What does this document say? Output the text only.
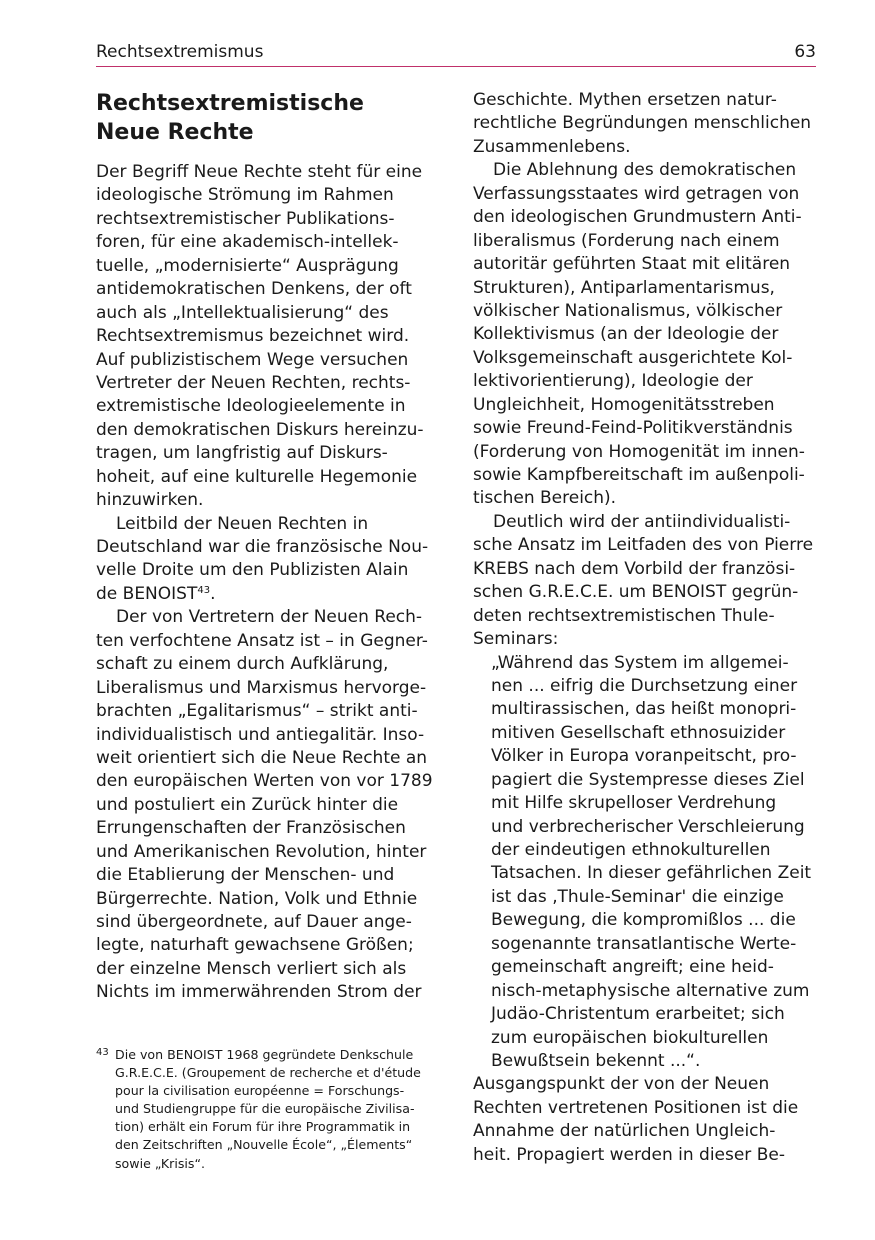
Rechtsextremismus	63
Rechtsextremistische
Neue Rechte
Der Begriff Neue Rechte steht für eine
ideologische Strömung im Rahmen
rechtsextremistischer Publikations-
foren, für eine akademisch-intellek-
tuelle, „modernisierte“ Ausprägung
antidemokratischen Denkens, der oft
auch als „Intellektualisierung“ des
Rechtsextremismus bezeichnet wird.
Auf publizistischem Wege versuchen
Vertreter der Neuen Rechten, rechts-
extremistische Ideologieelemente in
den demokratischen Diskurs hereinzu-
tragen, um langfristig auf Diskurs-
hoheit, auf eine kulturelle Hegemonie
hinzuwirken.
Leitbild der Neuen Rechten in
Deutschland war die französische Nou-
velle Droite um den Publizisten Alain
de BENOIST$^{43}$.
Der von Vertretern der Neuen Rech-
ten verfochtene Ansatz ist – in Gegner-
schaft zu einem durch Aufklärung,
Liberalismus und Marxismus hervorge-
brachten „Egalitarismus“ – strikt anti-
individualistisch und antiegalitär. Inso-
weit orientiert sich die Neue Rechte an
den europäischen Werten von vor 1789
und postuliert ein Zurück hinter die
Errungenschaften der Französischen
und Amerikanischen Revolution, hinter
die Etablierung der Menschen- und
Bürgerrechte. Nation, Volk und Ethnie
sind übergeordnete, auf Dauer ange-
legte, naturhaft gewachsene Größen;
der einzelne Mensch verliert sich als
Nichts im immerwährenden Strom der
Geschichte. Mythen ersetzen natur-
rechtliche Begründungen menschlichen
Zusammenlebens.
Die Ablehnung des demokratischen
Verfassungsstaates wird getragen von
den ideologischen Grundmustern Anti-
liberalismus (Forderung nach einem
autoritär geführten Staat mit elitären
Strukturen), Antiparlamentarismus,
völkischer Nationalismus, völkischer
Kollektivismus (an der Ideologie der
Volksgemeinschaft ausgerichtete Kol-
lektivorientierung), Ideologie der
Ungleichheit, Homogenitätsstreben
sowie Freund-Feind-Politikverständnis
(Forderung von Homogenität im innen-
sowie Kampfbereitschaft im außenpoli-
tischen Bereich).
Deutlich wird der antiindividualisti-
sche Ansatz im Leitfaden des von Pierre
KREBS nach dem Vorbild der französi-
schen G.R.E.C.E. um BENOIST gegrün-
deten rechtsextremistischen Thule-
Seminars:
„Während das System im allgemei-
nen ... eifrig die Durchsetzung einer
multirassischen, das heißt monopri-
mitiven Gesellschaft ethnosuizider
Völker in Europa voranpeitscht, pro-
pagiert die Systempresse dieses Ziel
mit Hilfe skrupelloser Verdrehung
und verbrecherischer Verschleierung
der eindeutigen ethnokulturellen
Tatsachen. In dieser gefährlichen Zeit
ist das ‚Thule-Seminar' die einzige
Bewegung, die kompromißlos ... die
sogenannte transatlantische Werte-
gemeinschaft angreift; eine heid-
nisch-metaphysische alternative zum
Judäo-Christentum erarbeitet; sich
zum europäischen biokulturellen
Bewußtsein bekennt ...“.
Ausgangspunkt der von der Neuen
Rechten vertretenen Positionen ist die
Annahme der natürlichen Ungleich-
heit. Propagiert werden in dieser Be-
43 Die von BENOIST 1968 gegründete Denkschule
G.R.E.C.E. (Groupement de recherche et d'étude
pour la civilisation européenne = Forschungs-
und Studiengruppe für die europäische Zivilisa-
tion) erhält ein Forum für ihre Programmatik in
den Zeitschriften „Nouvelle École“, „Élements“
sowie „Krisis“.
